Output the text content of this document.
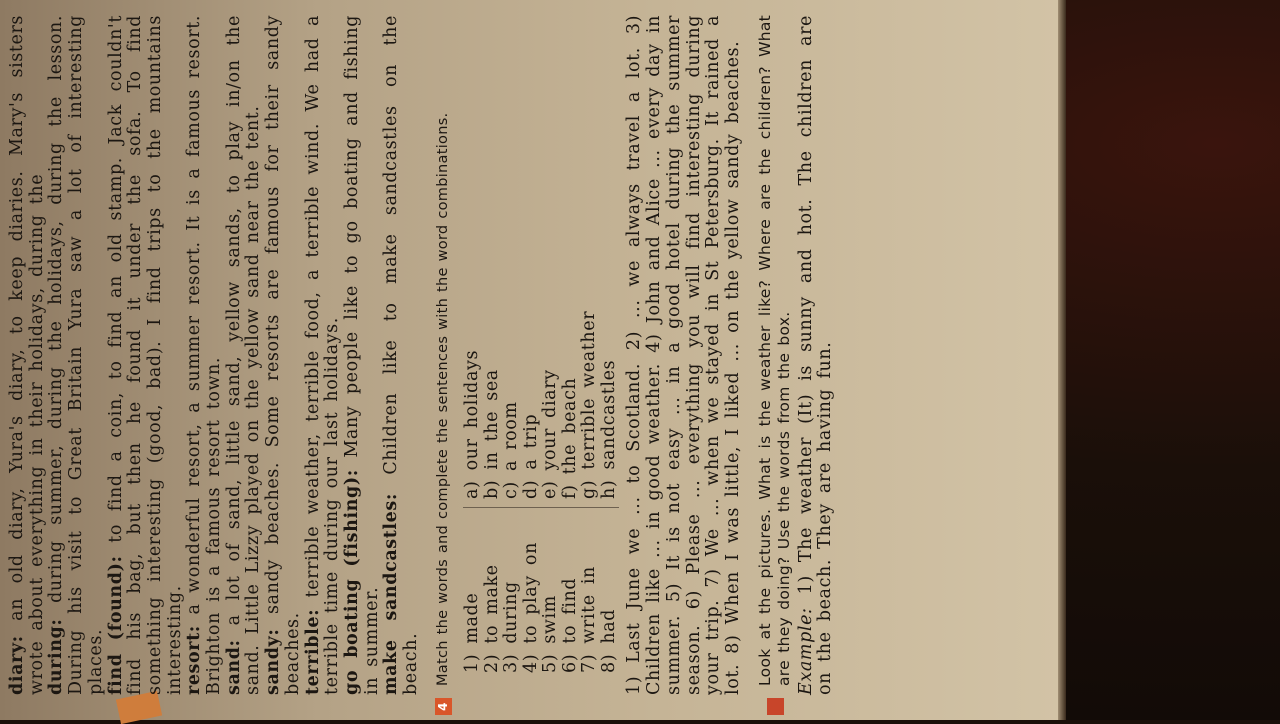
diary: an old diary, Yura's diary, to keep diaries. Mary's sisters wrote about everything in their holidays, during the during: during summer, during the holidays, during the lesson. During his visit to Great Britain Yura saw a lot of interesting places. find (found): to find a coin, to find an old stamp. Jack couldn't find his bag, but then he found it under the sofa. To find something interesting (good, bad). I find trips to the mountains interesting. resort: a wonderful resort, a summer resort. It is a famous resort. Brighton is a famous resort town. sand: a lot of sand, little sand, yellow sands, to play in/on the sand. Little Lizzy played on the yellow sand near the tent. sandy: sandy beaches. Some resorts are famous for their sandy beaches. terrible: terrible weather, terrible food, a terrible wind. We had a terrible time during our last holidays. go boating (fishing): Many people like to go boating and fishing in summer. make sandcastles: Children like to make sandcastles on the beach.

4
Match the words and complete the sentences with the word combinations. 1) made 2) to make 3) during 4) to play on 5) swim 6) to find 7) write in 8) had

a) our holidays b) in the sea c) a room d) a trip e) your diary f) the beach g) terrible weather h) sandcastles 1) Last June we ... to Scotland. 2) ... we always travel a lot. 3) Children like ... in good weather. 4) John and Alice ... every day in summer. 5) It is not easy ... in a good hotel during the summer season. 6) Please ... everything you will find interesting during your trip. 7) We ... when we stayed in St Petersburg. It rained a lot. 8) When I was little, I liked ... on the yellow sandy beaches. Look at the pictures. What is the weather like? Where are the children? What are they doing? Use the words from the box. Example: 1) The weather (It) is sunny and hot. The children are on the beach. They are having fun.
